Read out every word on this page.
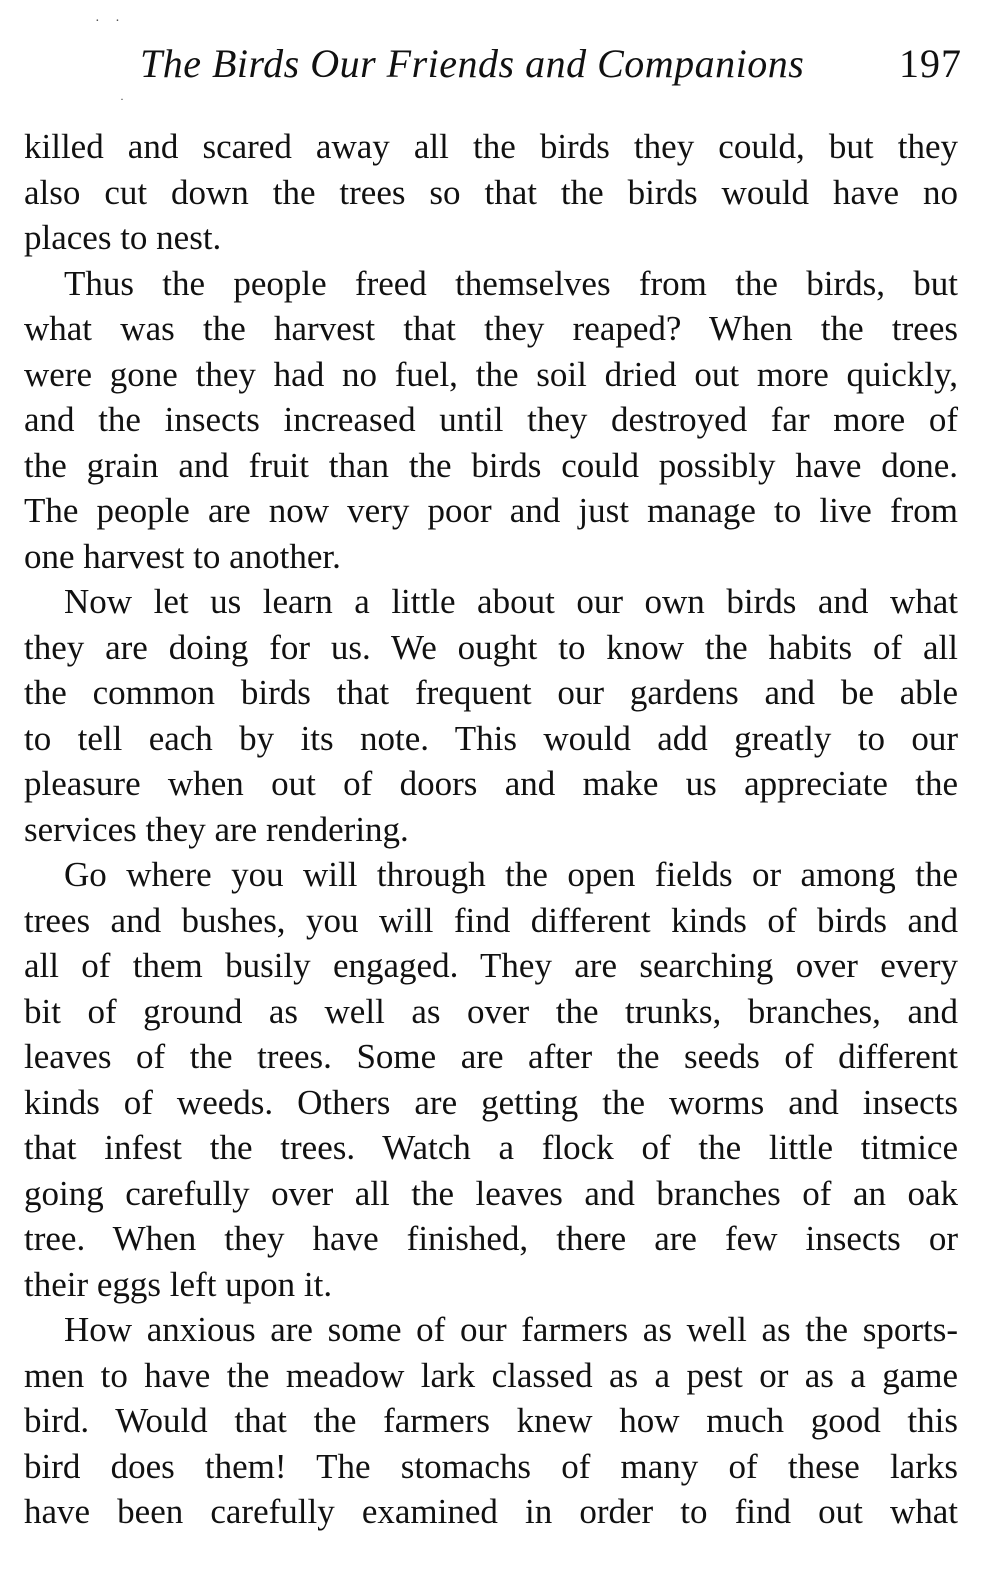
· ·
·
The Birds Our Friends and Companions 197
killed and scared away all the birds they could, but they
also cut down the trees so that the birds would have no
places to nest.
Thus the people freed themselves from the birds, but
what was the harvest that they reaped? When the trees
were gone they had no fuel, the soil dried out more quickly,
and the insects increased until they destroyed far more of
the grain and fruit than the birds could possibly have done.
The people are now very poor and just manage to live from
one harvest to another.
Now let us learn a little about our own birds and what
they are doing for us. We ought to know the habits of all
the common birds that frequent our gardens and be able
to tell each by its note. This would add greatly to our
pleasure when out of doors and make us appreciate the
services they are rendering.
Go where you will through the open fields or among the
trees and bushes, you will find different kinds of birds and
all of them busily engaged. They are searching over every
bit of ground as well as over the trunks, branches, and
leaves of the trees. Some are after the seeds of different
kinds of weeds. Others are getting the worms and insects
that infest the trees. Watch a flock of the little titmice
going carefully over all the leaves and branches of an oak
tree. When they have finished, there are few insects or
their eggs left upon it.
How anxious are some of our farmers as well as the sports-
men to have the meadow lark classed as a pest or as a game
bird. Would that the farmers knew how much good this
bird does them! The stomachs of many of these larks
have been carefully examined in order to find out what
